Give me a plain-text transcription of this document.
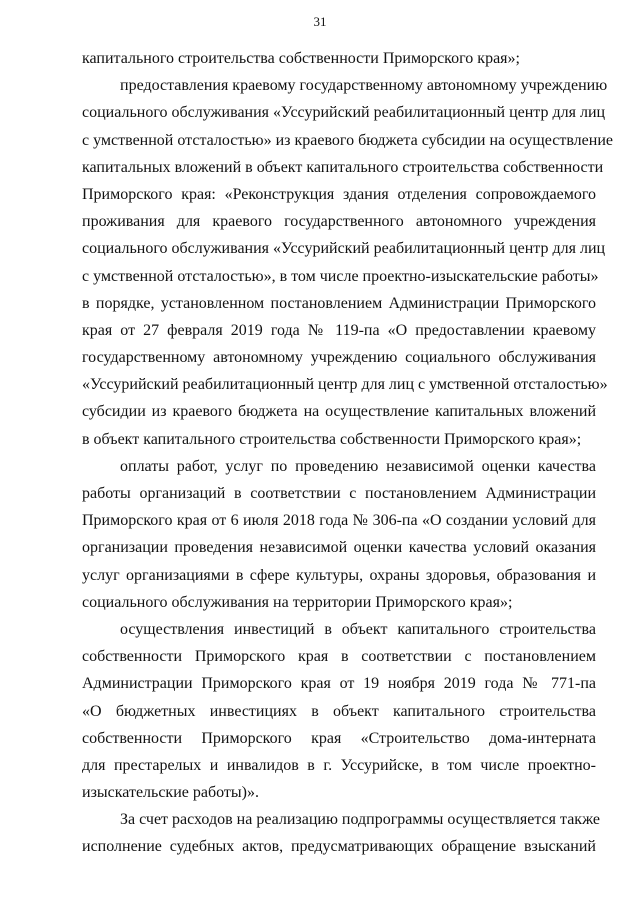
31
капитального строительства собственности Приморского края»;
предоставления краевому государственному автономному учреждению
социального обслуживания «Уссурийский реабилитационный центр для лиц
с умственной отсталостью» из краевого бюджета субсидии на осуществление
капитальных вложений в объект капитального строительства собственности
Приморского края: «Реконструкция здания отделения сопровождаемого
проживания для краевого государственного автономного учреждения
социального обслуживания «Уссурийский реабилитационный центр для лиц
с умственной отсталостью», в том числе проектно-изыскательские работы»
в порядке, установленном постановлением Администрации Приморского
края от 27 февраля 2019 года № 119-па «О предоставлении краевому
государственному автономному учреждению социального обслуживания
«Уссурийский реабилитационный центр для лиц с умственной отсталостью»
субсидии из краевого бюджета на осуществление капитальных вложений
в объект капитального строительства собственности Приморского края»;
оплаты работ, услуг по проведению независимой оценки качества
работы организаций в соответствии с постановлением Администрации
Приморского края от 6 июля 2018 года № 306-па «О создании условий для
организации проведения независимой оценки качества условий оказания
услуг организациями в сфере культуры, охраны здоровья, образования и
социального обслуживания на территории Приморского края»;
осуществления инвестиций в объект капитального строительства
собственности Приморского края в соответствии с постановлением
Администрации Приморского края от 19 ноября 2019 года № 771-па
«О бюджетных инвестициях в объект капитального строительства
собственности Приморского края «Строительство дома-интерната
для престарелых и инвалидов в г. Уссурийске, в том числе проектно-
изыскательские работы)».
За счет расходов на реализацию подпрограммы осуществляется также
исполнение судебных актов, предусматривающих обращение взысканий
